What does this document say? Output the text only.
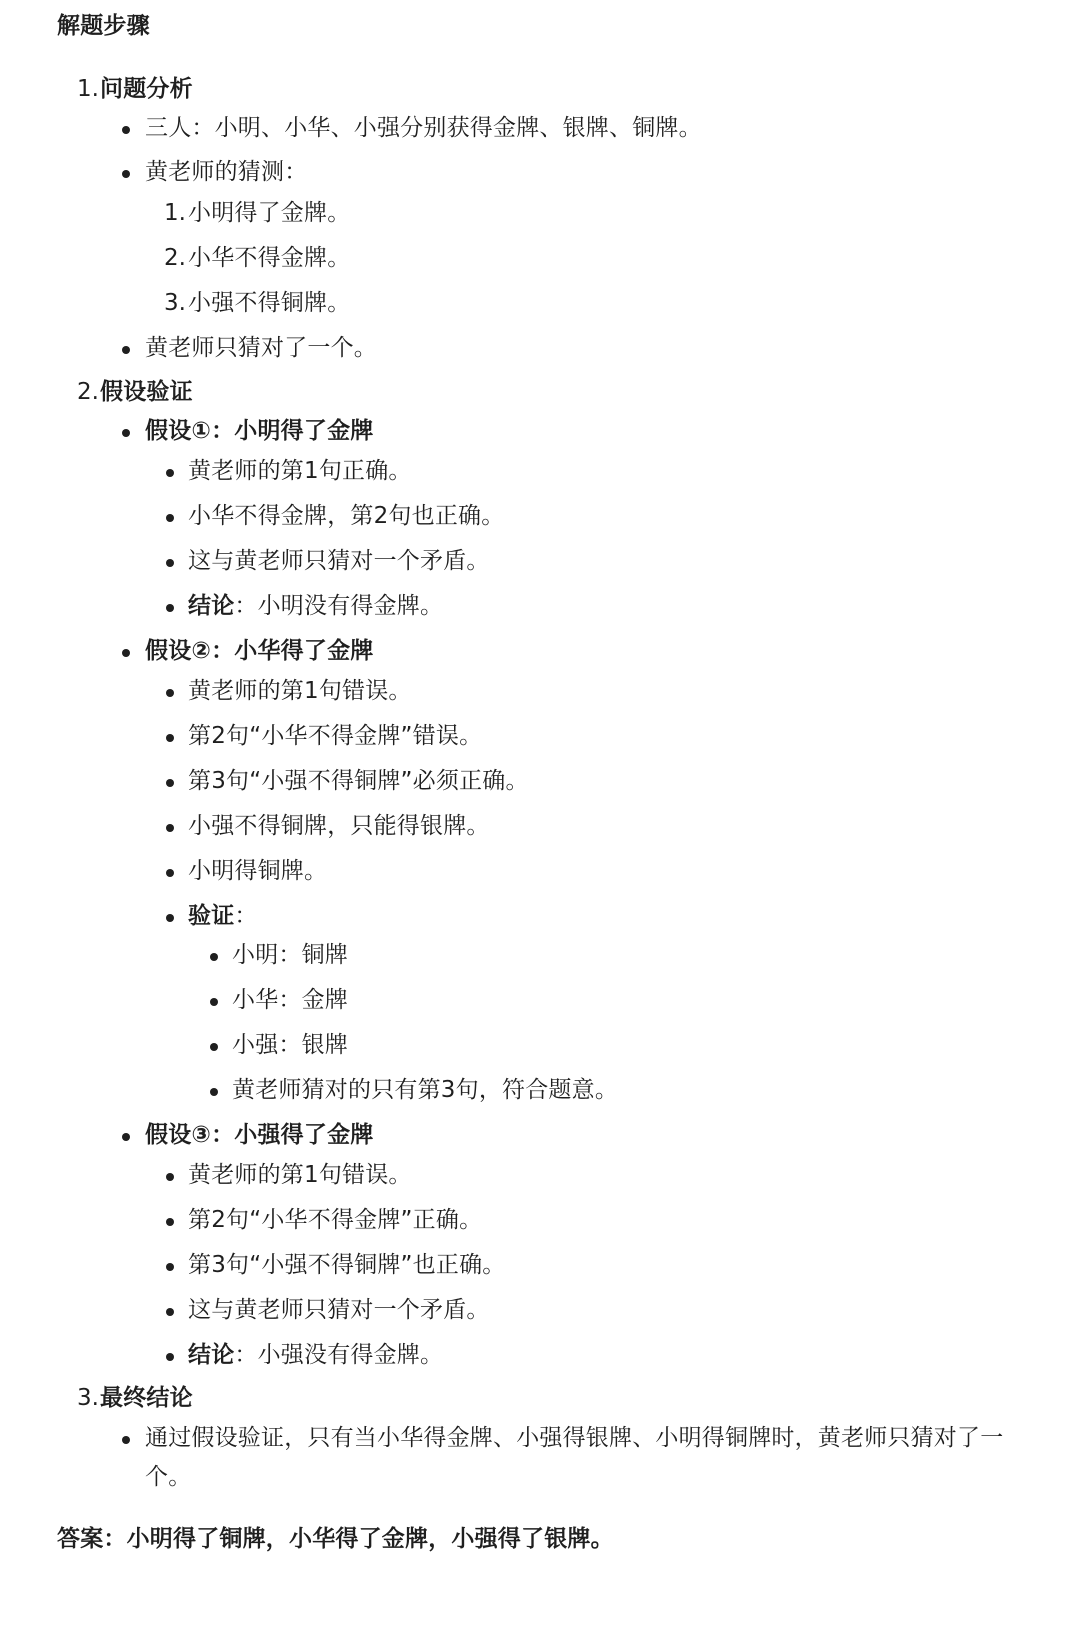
解题步骤
1. 问题分析
三人：小明、小华、小强分别获得金牌、银牌、铜牌。
黄老师的猜测：
1. 小明得了金牌。
2. 小华不得金牌。
3. 小强不得铜牌。
黄老师只猜对了一个。
2. 假设验证
假设①：小明得了金牌
黄老师的第1句正确。
小华不得金牌，第2句也正确。
这与黄老师只猜对一个矛盾。
结论：小明没有得金牌。
假设②：小华得了金牌
黄老师的第1句错误。
第2句“小华不得金牌”错误。
第3句“小强不得铜牌”必须正确。
小强不得铜牌，只能得银牌。
小明得铜牌。
验证：
小明：铜牌
小华：金牌
小强：银牌
黄老师猜对的只有第3句，符合题意。
假设③：小强得了金牌
黄老师的第1句错误。
第2句“小华不得金牌”正确。
第3句“小强不得铜牌”也正确。
这与黄老师只猜对一个矛盾。
结论：小强没有得金牌。
3. 最终结论
通过假设验证，只有当小华得金牌、小强得银牌、小明得铜牌时，黄老师只猜对了一
个。
答案：小明得了铜牌，小华得了金牌，小强得了银牌。
